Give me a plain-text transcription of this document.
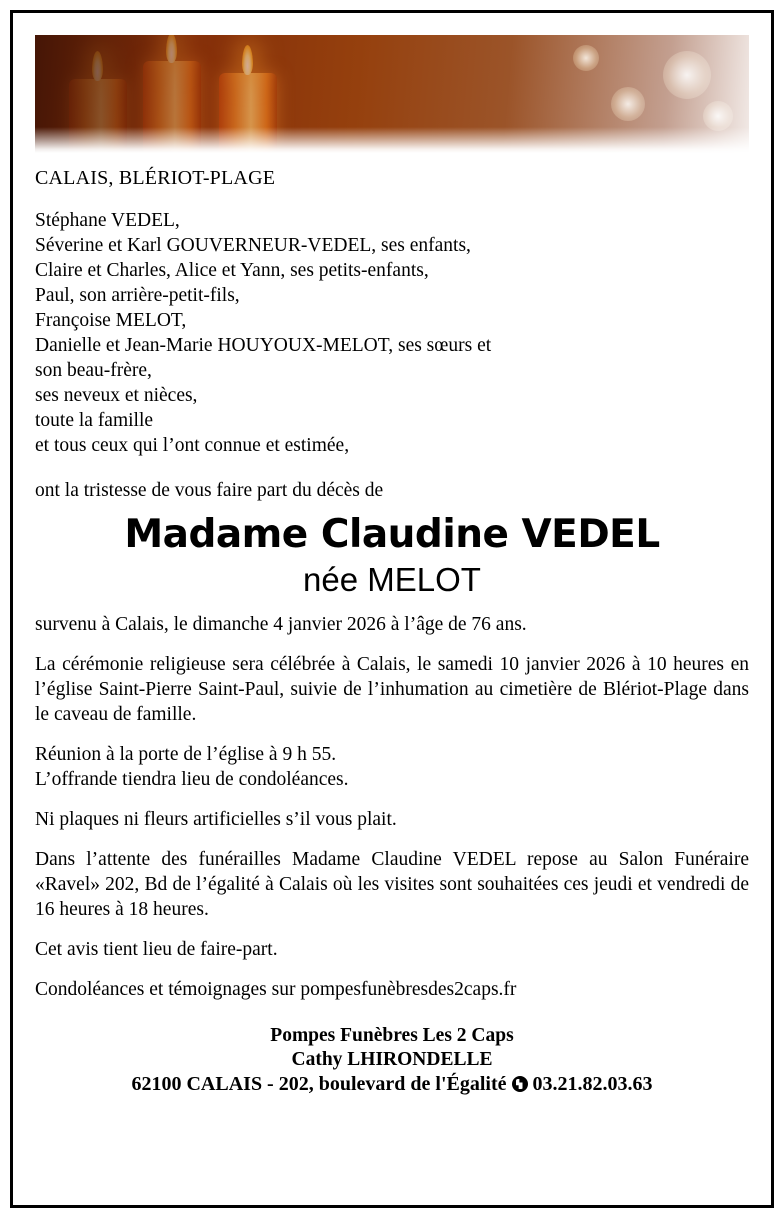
CALAIS, BLÉRIOT-PLAGE
Stéphane VEDEL,
Séverine et Karl GOUVERNEUR-VEDEL, ses enfants,
Claire et Charles, Alice et Yann, ses petits-enfants,
Paul, son arrière-petit-fils,
Françoise MELOT,
Danielle et Jean-Marie HOUYOUX-MELOT, ses sœurs et
son beau-frère,
ses neveux et nièces,
toute la famille
et tous ceux qui l’ont connue et estimée,
ont la tristesse de vous faire part du décès de
Madame Claudine VEDEL
née MELOT
survenu à Calais, le dimanche 4 janvier 2026 à l’âge de 76 ans.
La cérémonie religieuse sera célébrée à Calais, le samedi 10 janvier 2026 à 10 heures en l’église Saint-Pierre Saint-Paul, suivie de l’inhumation au cimetière de Blériot-Plage dans le caveau de famille.
Réunion à la porte de l’église à 9 h 55.
L’offrande tiendra lieu de condoléances.
Ni plaques ni fleurs artificielles s’il vous plait.
Dans l’attente des funérailles Madame Claudine VEDEL repose au Salon Funéraire «Ravel» 202, Bd de l’égalité à Calais où les visites sont souhaitées ces jeudi et vendredi de 16 heures à 18 heures.
Cet avis tient lieu de faire-part.
Condoléances et témoignages sur pompesfunèbresdes2caps.fr
Pompes Funèbres Les 2 Caps
Cathy LHIRONDELLE
62100 CALAIS - 202, boulevard de l'Égalité 03.21.82.03.63
